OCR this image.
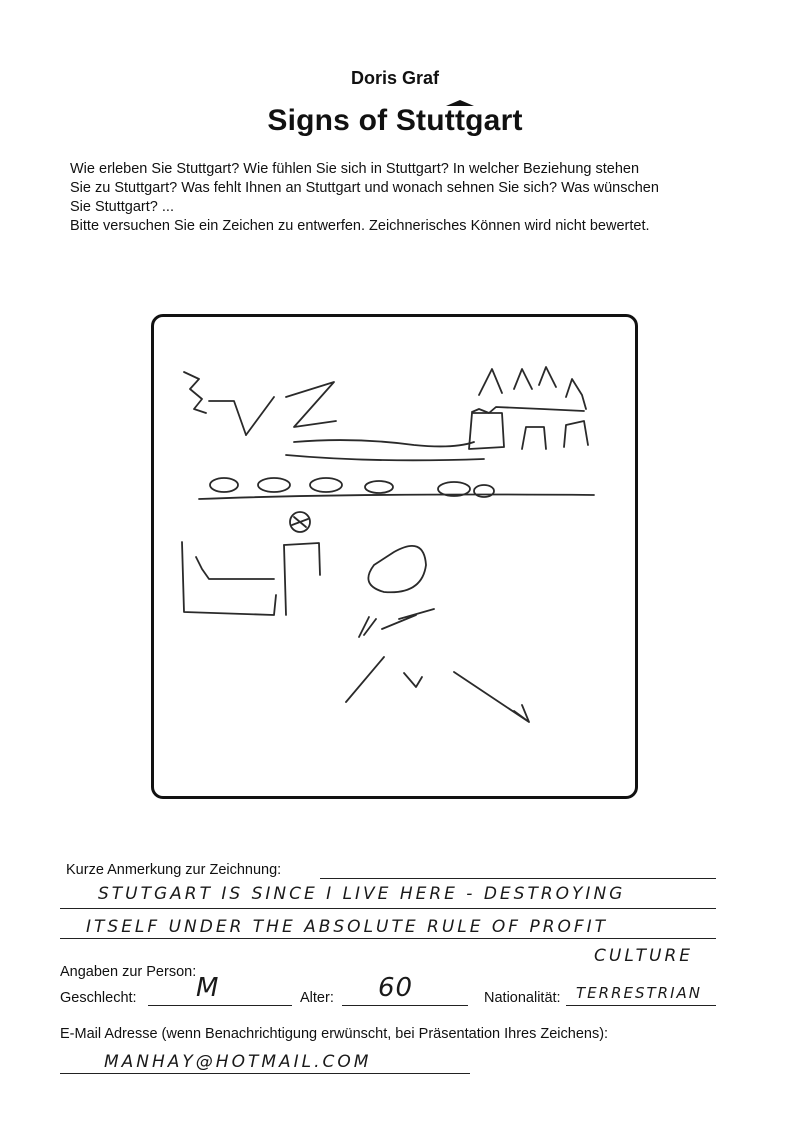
Doris Graf
Signs of Stuttgart

Wie erleben Sie Stuttgart? Wie fühlen Sie sich in Stuttgart? In welcher Beziehung stehen

Sie zu Stuttgart? Was fehlt Ihnen an Stuttgart und wonach sehnen Sie sich? Was wünschen

Sie Stuttgart? ...

Bitte versuchen Sie ein Zeichen zu entwerfen. Zeichnerisches Können wird nicht bewertet.

Kurze Anmerkung zur Zeichnung:
STUTGART IS SINCE I LIVE HERE - DESTROYING
ITSELF UNDER THE ABSOLUTE RULE OF PROFIT
CULTURE
Angaben zur Person:
Geschlecht: M	Alter: 60	Nationalität: TERRESTRIAN
E-Mail Adresse (wenn Benachrichtigung erwünscht, bei Präsentation Ihres Zeichens):
MANHAY@HOTMAIL.COM
